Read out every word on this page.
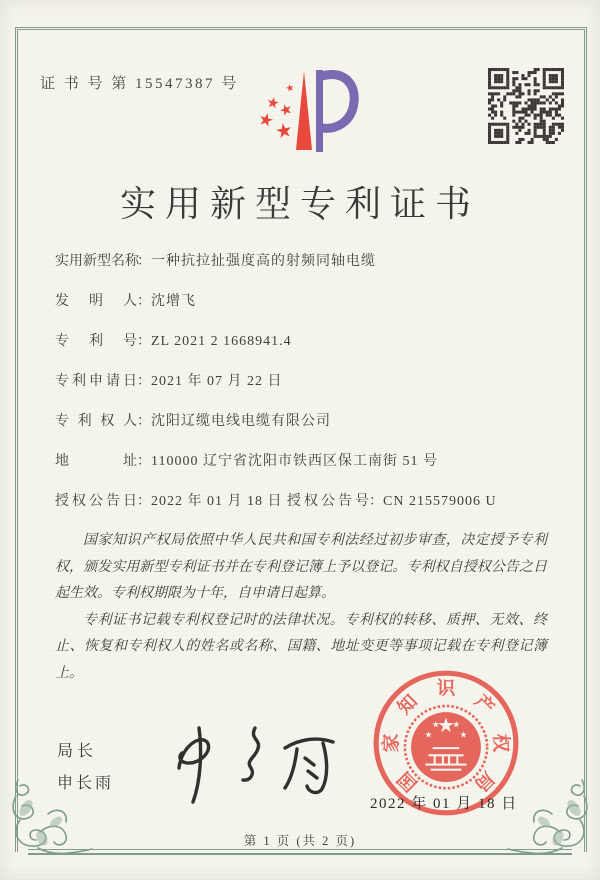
证 书 号 第 15547387 号
实用新型专利证书
实用新型名称：一种抗拉扯强度高的射频同轴电缆
发明人：沈增飞
专利号：ZL 2021 2 1668941.4
专利申请日：2021 年 07 月 22 日
专利权人：沈阳辽缆电线电缆有限公司
地址：110000 辽宁省沈阳市铁西区保工南街 51 号
授权公告日：2022 年 01 月 18 日 授权公告号：CN 215579006 U

国家知识产权局依照中华人民共和国专利法经过初步审查，决定授予专利权，颁发实用新型专利证书并在专利登记簿上予以登记。专利权自授权公告之日起生效。专利权期限为十年，自申请日起算。

专利证书记载专利权登记时的法律状况。专利权的转移、质押、无效、终止、恢复和专利权人的姓名或名称、国籍、地址变更等事项记载在专利登记簿上。

局长
申长雨	国
家
知
识
产
权
局
2022 年 01 月 18 日
第 1 页 (共 2 页)
